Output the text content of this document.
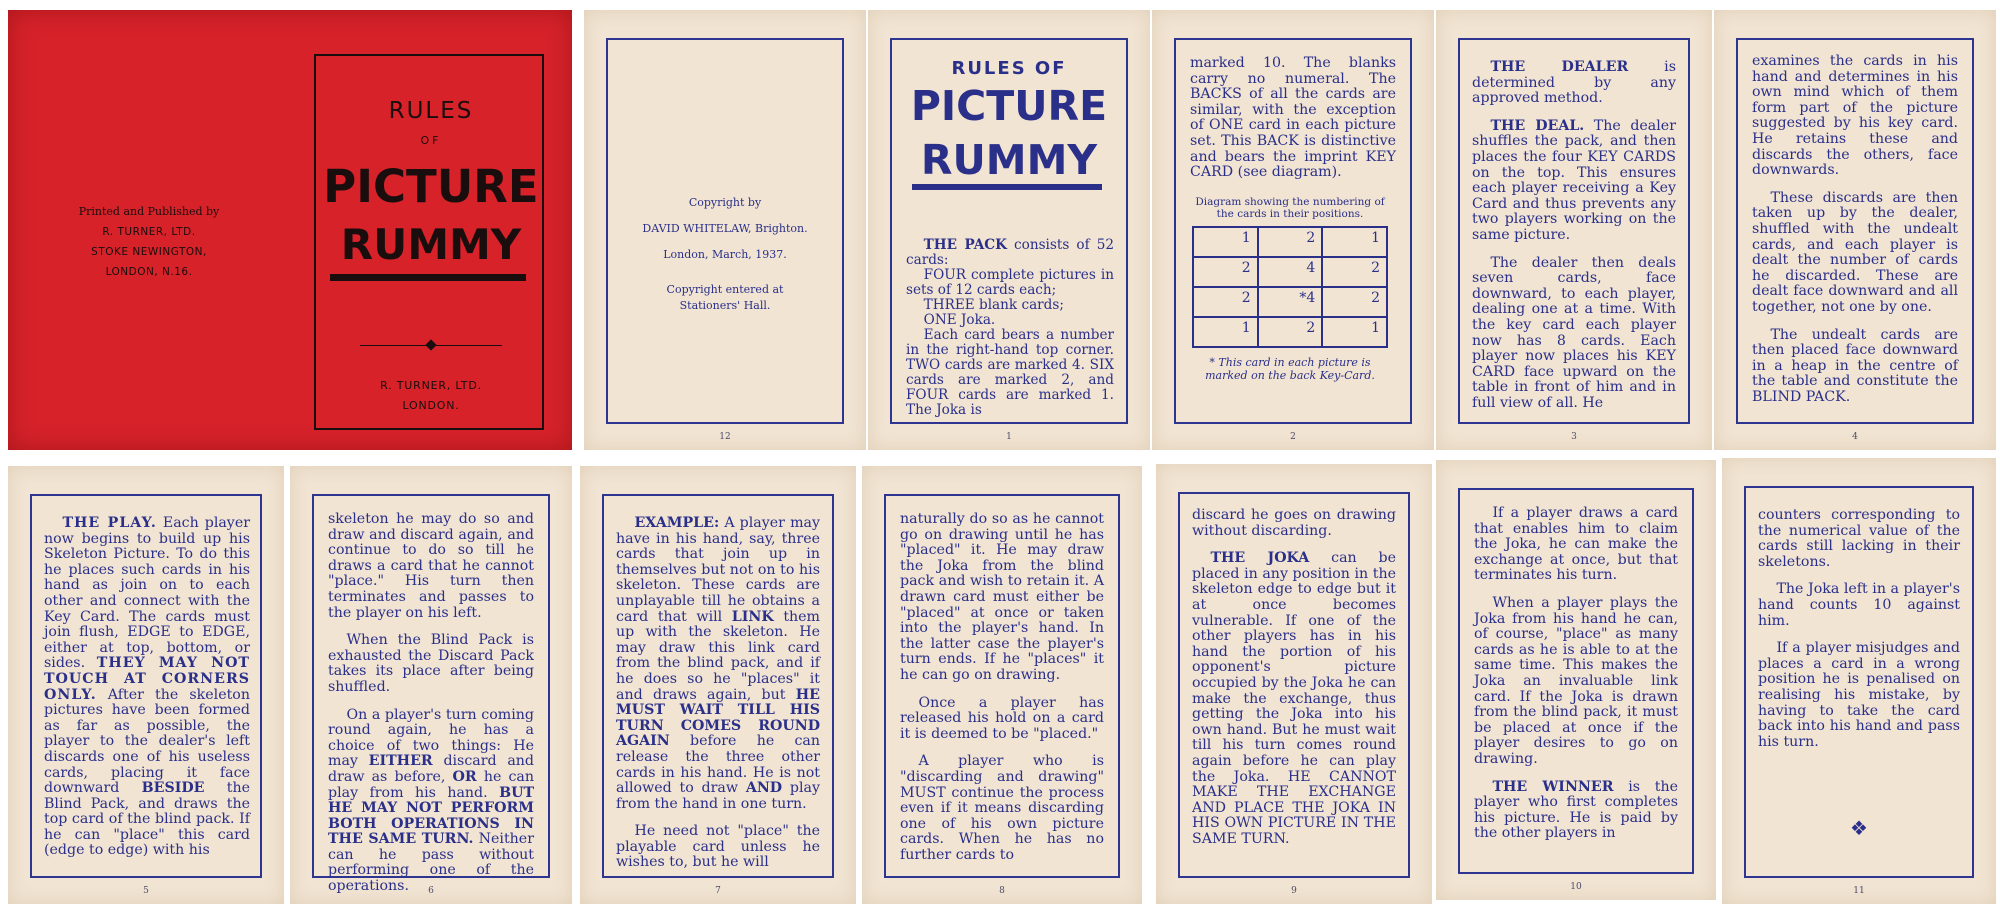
Printed and Published by
R. TURNER, LTD.
STOKE NEWINGTON,
LONDON, N.16.
RULES
OF
PICTURE
RUMMY
R. TURNER, LTD.
LONDON.
Copyright by
DAVID WHITELAW, Brighton.
London, March, 1937.
Copyright entered at
Stationers' Hall.
12
RULES OF
PICTURE
RUMMY

THE PACK consists of 52 cards:

FOUR complete pictures in sets of 12 cards each;

THREE blank cards;

ONE Joka.

Each card bears a number in the right-hand top corner. TWO cards are marked 4. SIX cards are marked 2, and FOUR cards are marked 1. The Joka is

1

marked 10. The blanks carry no numeral. The BACKS of all the cards are similar, with the exception of ONE card in each picture set. This BACK is distinctive and bears the imprint KEY CARD (see diagram).

Diagram showing the numbering of the cards in their positions.
1	2	1
2	4	2
2	*4	2
1	2	1
* This card in each picture is marked on the back Key-Card.
2

THE DEALER	is determined by any approved method.

THE DEAL. The dealer shuffles the pack, and then places the four KEY CARDS on the top. This ensures each player receiving a Key Card and thus prevents any two players working on the same picture.

The dealer then deals seven cards, face downward, to each player, dealing one at a time. With the key card each player now has 8 cards. Each player now places his KEY CARD face upward on the table in front of him and in full view of all. He

3

examines the cards in his hand and determines in his own mind which of them form part of the picture suggested by his key card. He retains these and discards the others, face downwards.

These discards are then taken up by the dealer, shuffled with the undealt cards, and each player is dealt the number of cards he discarded. These are dealt face downward and all together, not one by one.

The undealt cards are then placed face downward in a heap in the centre of the table and constitute the BLIND PACK.

4

THE PLAY. Each player now begins to build up his Skeleton Picture. To do this he places such cards in his hand as join on to each other and connect with the Key Card. The cards must join flush, EDGE to EDGE, either at top, bottom, or sides. THEY MAY NOT TOUCH AT CORNERS ONLY. After the skeleton pictures have been formed as far as possible, the player to the dealer's left discards one of his useless cards, placing it face downward BESIDE the Blind Pack, and draws the top card of the blind pack. If he can "place" this card (edge to edge) with his

5

skeleton he may do so and draw and discard again, and continue to do so till he draws a card that he cannot "place." His turn then terminates and passes to the player on his left.

When the Blind Pack is exhausted the Discard Pack takes its place after being shuffled.

On a player's turn coming round again, he has a choice of two things: He may EITHER discard and draw as before, OR he can play from his hand. BUT HE MAY NOT PERFORM BOTH OPERATIONS IN THE SAME TURN. Neither can he pass without performing one of the operations.	6

EXAMPLE: A player may have in his hand, say, three cards that join up in themselves but not on to his skeleton. These cards are unplayable till he obtains a card that will LINK them up with the skeleton. He may draw this link card from the blind pack, and if he does so he "places" it and draws again, but HE MUST WAIT TILL HIS TURN COMES ROUND AGAIN before he can release the three other cards in his hand. He is not allowed to draw AND play from the hand in one turn.

He need not "place" the playable card unless he wishes to, but he will

7

naturally do so as he cannot go on drawing until he has "placed" it. He may draw the Joka from the blind pack and wish to retain it. A drawn card must either be "placed" at once or taken into the player's hand. In the latter case the player's turn ends. If he "places" it he can go on drawing.

Once a player has released his hold on a card it is deemed to be "placed."

A player who is "discarding and drawing" MUST continue the process even if it means discarding one of his own picture cards. When he has no further cards to

8

discard he goes on drawing without discarding.

THE JOKA can be placed in any position in the skeleton edge to edge but it at once becomes vulnerable. If one of the other players has in his hand the portion of his opponent's picture occupied by the Joka he can make the exchange, thus getting the Joka into his own hand. But he must wait till his turn comes round again before he can play the Joka. HE CANNOT MAKE THE EXCHANGE AND PLACE THE JOKA IN HIS OWN PICTURE IN THE SAME TURN.

9

If a player draws a card that enables him to claim the Joka, he can make the exchange at once, but that terminates his turn.

When a player plays the Joka from his hand he can, of course, "place" as many cards as he is able to at the same time. This makes the Joka an invaluable link card. If the Joka is drawn from the blind pack, it must be placed at once if the player desires to go on drawing.

THE WINNER is the player who first completes his picture. He is paid by the other players in

10

counters corresponding to the numerical value of the cards still lacking in their skeletons.

The Joka left in a player's hand counts 10 against him.

If a player misjudges and places a card in a wrong position he is penalised on realising his mistake, by having to take the card back into his hand and pass his turn.

❖
11
